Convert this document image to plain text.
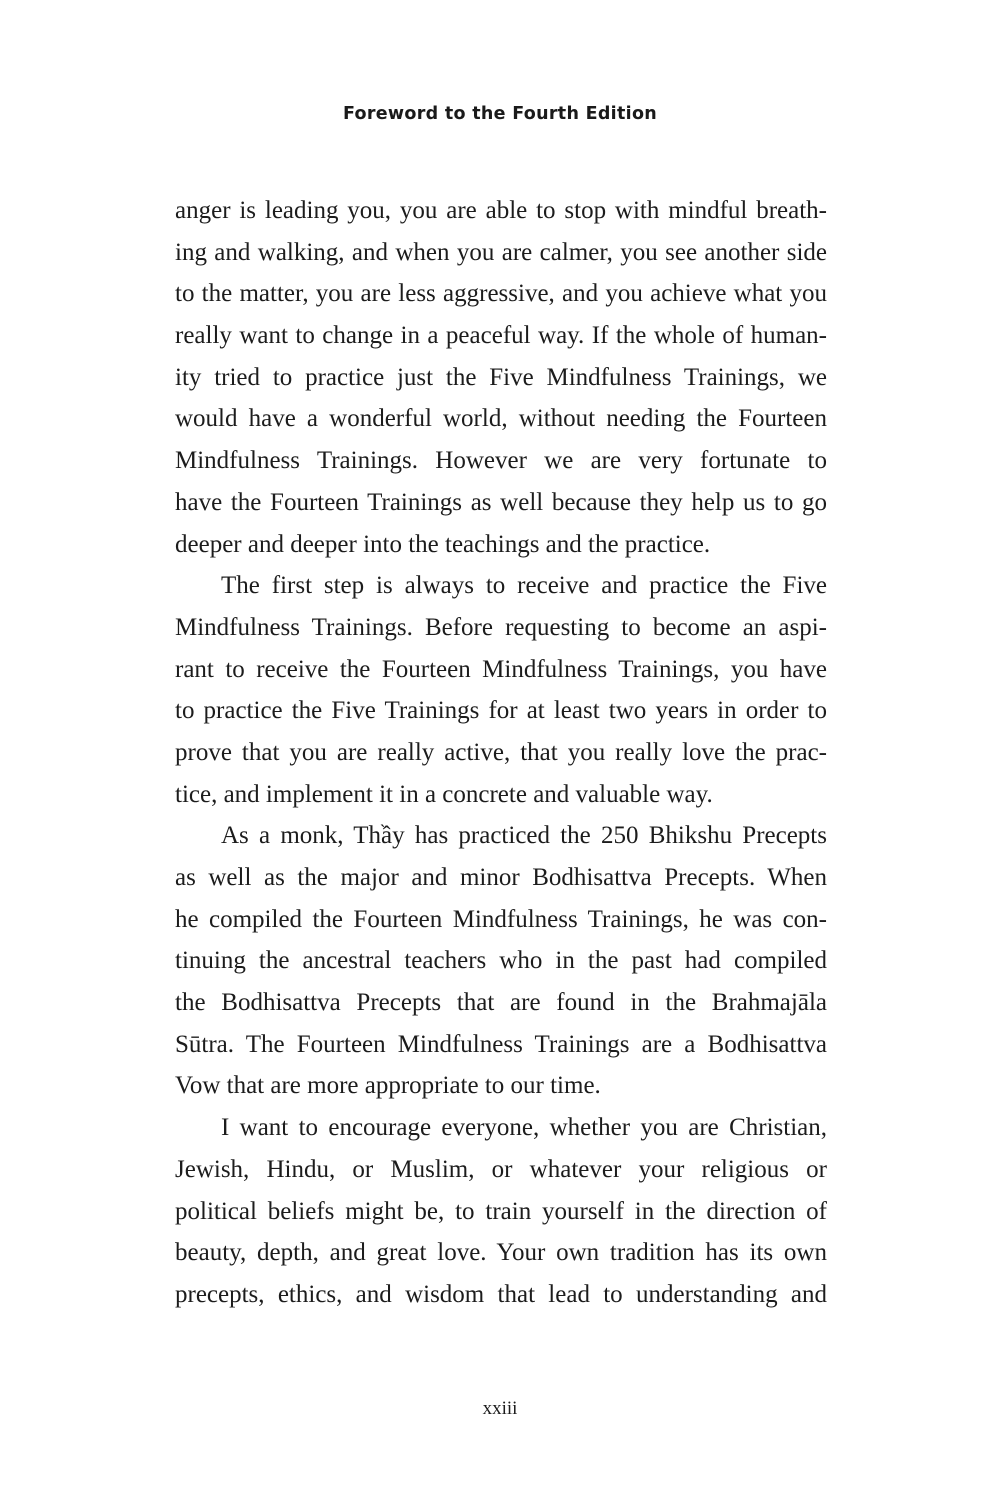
Foreword to the Fourth Edition
anger is leading you, you are able to stop with mindful breath-
ing and walking, and when you are calmer, you see another side
to the matter, you are less aggressive, and you achieve what you
really want to change in a peaceful way. If the whole of human-
ity tried to practice just the Five Mindfulness Trainings, we
would have a wonderful world, without needing the Fourteen
Mindfulness Trainings. However we are very fortunate to
have the Fourteen Trainings as well because they help us to go
deeper and deeper into the teachings and the practice.
The first step is always to receive and practice the Five
Mindfulness Trainings. Before requesting to become an aspi-
rant to receive the Fourteen Mindfulness Trainings, you have
to practice the Five Trainings for at least two years in order to
prove that you are really active, that you really love the prac-
tice, and implement it in a concrete and valuable way.
As a monk, Thầy has practiced the 250 Bhikshu Precepts
as well as the major and minor Bodhisattva Precepts. When
he compiled the Fourteen Mindfulness Trainings, he was con-
tinuing the ancestral teachers who in the past had compiled
the Bodhisattva Precepts that are found in the Brahmajāla
Sūtra. The Fourteen Mindfulness Trainings are a Bodhisattva
Vow that are more appropriate to our time.
I want to encourage everyone, whether you are Christian,
Jewish, Hindu, or Muslim, or whatever your religious or
political beliefs might be, to train yourself in the direction of
beauty, depth, and great love. Your own tradition has its own
precepts, ethics, and wisdom that lead to understanding and
xxiii
